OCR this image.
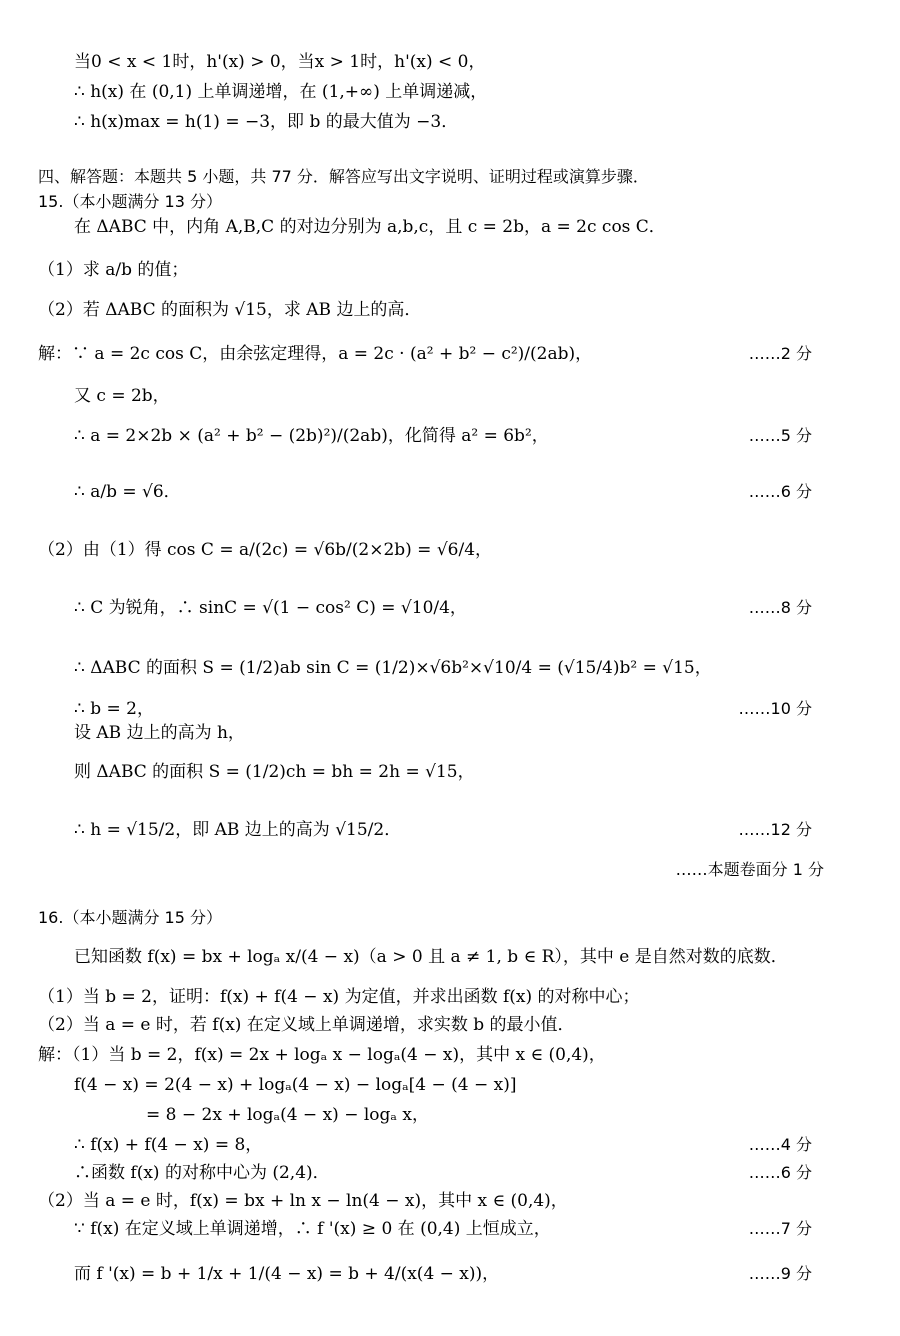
当0 < x < 1时，h'(x) > 0，当x > 1时，h'(x) < 0，
∴ h(x) 在 (0,1) 上单调递增，在 (1,+∞) 上单调递减，
∴ h(x)max = h(1) = −3，即 b 的最大值为 −3．
四、解答题：本题共 5 小题，共 77 分．解答应写出文字说明、证明过程或演算步骤．
15.（本小题满分 13 分）
在 ΔABC 中，内角 A,B,C 的对边分别为 a,b,c，且 c = 2b，a = 2c cos C．
（1）求 a/b 的值；
（2）若 ΔABC 的面积为 √15，求 AB 边上的高．
解：∵ a = 2c cos C，由余弦定理得，a = 2c · (a² + b² − c²)/(2ab)，	……2 分
又 c = 2b，
∴ a = 2×2b × (a² + b² − (2b)²)/(2ab)，化简得 a² = 6b²，	……5 分
∴ a/b = √6．	……6 分
（2）由（1）得 cos C = a/(2c) = √6b/(2×2b) = √6/4，
∴ C 为锐角，∴ sinC = √(1 − cos² C) = √10/4，	……8 分
∴ ΔABC 的面积 S = (1/2)ab sin C = (1/2)×√6b²×√10/4 = (√15/4)b² = √15，
∴ b = 2，	……10 分
设 AB 边上的高为 h，
则 ΔABC 的面积 S = (1/2)ch = bh = 2h = √15，
∴ h = √15/2，即 AB 边上的高为 √15/2．	……12 分
……本题卷面分 1 分
16.（本小题满分 15 分）
已知函数 f(x) = bx + logₐ x/(4 − x)（a > 0 且 a ≠ 1, b ∈ R），其中 e 是自然对数的底数．
（1）当 b = 2，证明：f(x) + f(4 − x) 为定值，并求出函数 f(x) 的对称中心；
（2）当 a = e 时，若 f(x) 在定义域上单调递增，求实数 b 的最小值．
解：（1）当 b = 2，f(x) = 2x + logₐ x − logₐ(4 − x)，其中 x ∈ (0,4)，
f(4 − x) = 2(4 − x) + logₐ(4 − x) − logₐ[4 − (4 − x)]
= 8 − 2x + logₐ(4 − x) − logₐ x，
∴ f(x) + f(4 − x) = 8，	……4 分
∴函数 f(x) 的对称中心为 (2,4)．	……6 分
（2）当 a = e 时，f(x) = bx + ln x − ln(4 − x)，其中 x ∈ (0,4)，
∵ f(x) 在定义域上单调递增，∴ f '(x) ≥ 0 在 (0,4) 上恒成立，	……7 分
而 f '(x) = b + 1/x + 1/(4 − x) = b + 4/(x(4 − x))，	……9 分
